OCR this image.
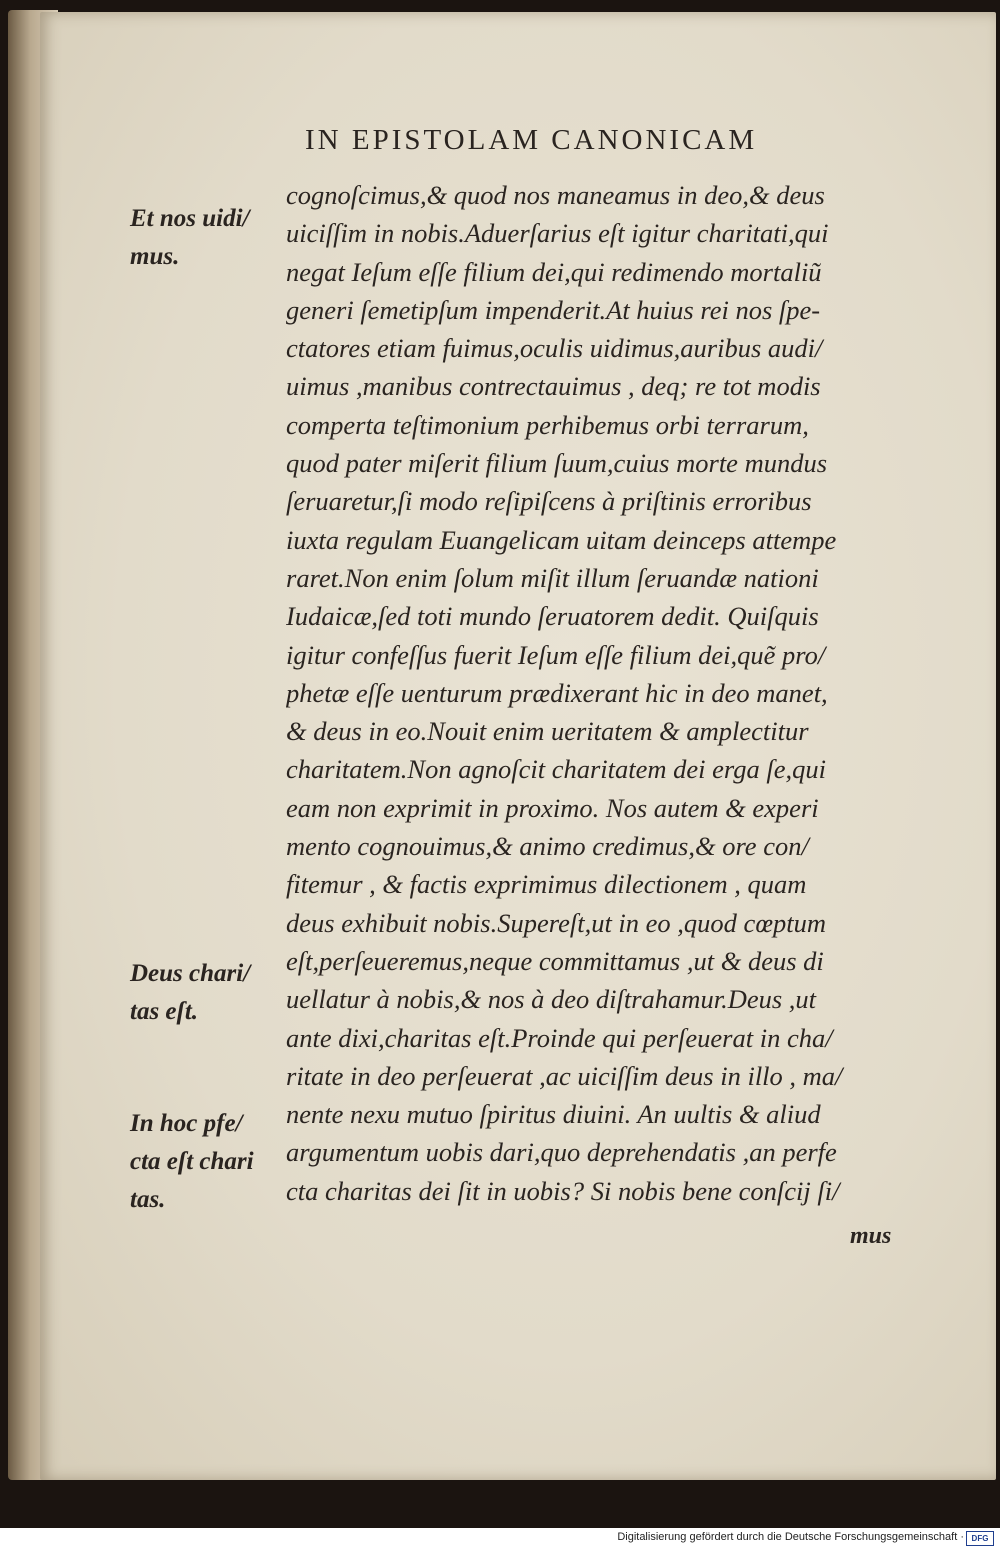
IN EPISTOLAM CANONICAM
cognoſcimus,& quod nos maneamus in deo,& deus
uiciſſim in nobis.Aduerſarius eſt igitur charitati,qui
negat Ieſum eſſe filium dei,qui redimendo mortaliũ
generi ſemetipſum impenderit.At huius rei nos ſpe-
ctatores etiam fuimus,oculis uidimus,auribus audi/
uimus ,manibus contrectauimus , deq; re tot modis
comperta teſtimonium perhibemus orbi terrarum,
quod pater miſerit filium ſuum,cuius morte mundus
ſeruaretur,ſi modo reſipiſcens à priſtinis erroribus
iuxta regulam Euangelicam uitam deinceps attempe
raret.Non enim ſolum miſit illum ſeruandæ nationi
Iudaicæ,ſed toti mundo ſeruatorem dedit. Quiſquis
igitur confeſſus fuerit Ieſum eſſe filium dei,quẽ pro/
phetæ eſſe uenturum prædixerant hic in deo manet,
& deus in eo.Nouit enim ueritatem & amplectitur
charitatem.Non agnoſcit charitatem dei erga ſe,qui
eam non exprimit in proximo. Nos autem & experi
mento cognouimus,& animo credimus,& ore con/
fitemur , & factis exprimimus dilectionem , quam
deus exhibuit nobis.Supereſt,ut in eo ,quod cœptum
eſt,perſeueremus,neque committamus ,ut & deus di
uellatur à nobis,& nos à deo diſtrahamur.Deus ,ut
ante dixi,charitas eſt.Proinde qui perſeuerat in cha/
ritate in deo perſeuerat ,ac uiciſſim deus in illo , ma/
nente nexu mutuo ſpiritus diuini. An uultis & aliud
argumentum uobis dari,quo deprehendatis ,an perfe
cta charitas dei ſit in uobis? Si nobis bene conſcij ſi/
mus
Et nos uidi/
mus.
Deus chari/
tas eſt.
In hoc pfe/
cta eſt chari
tas.
Digitalisierung gefördert durch die Deutsche Forschungsgemeinschaft · DFG
